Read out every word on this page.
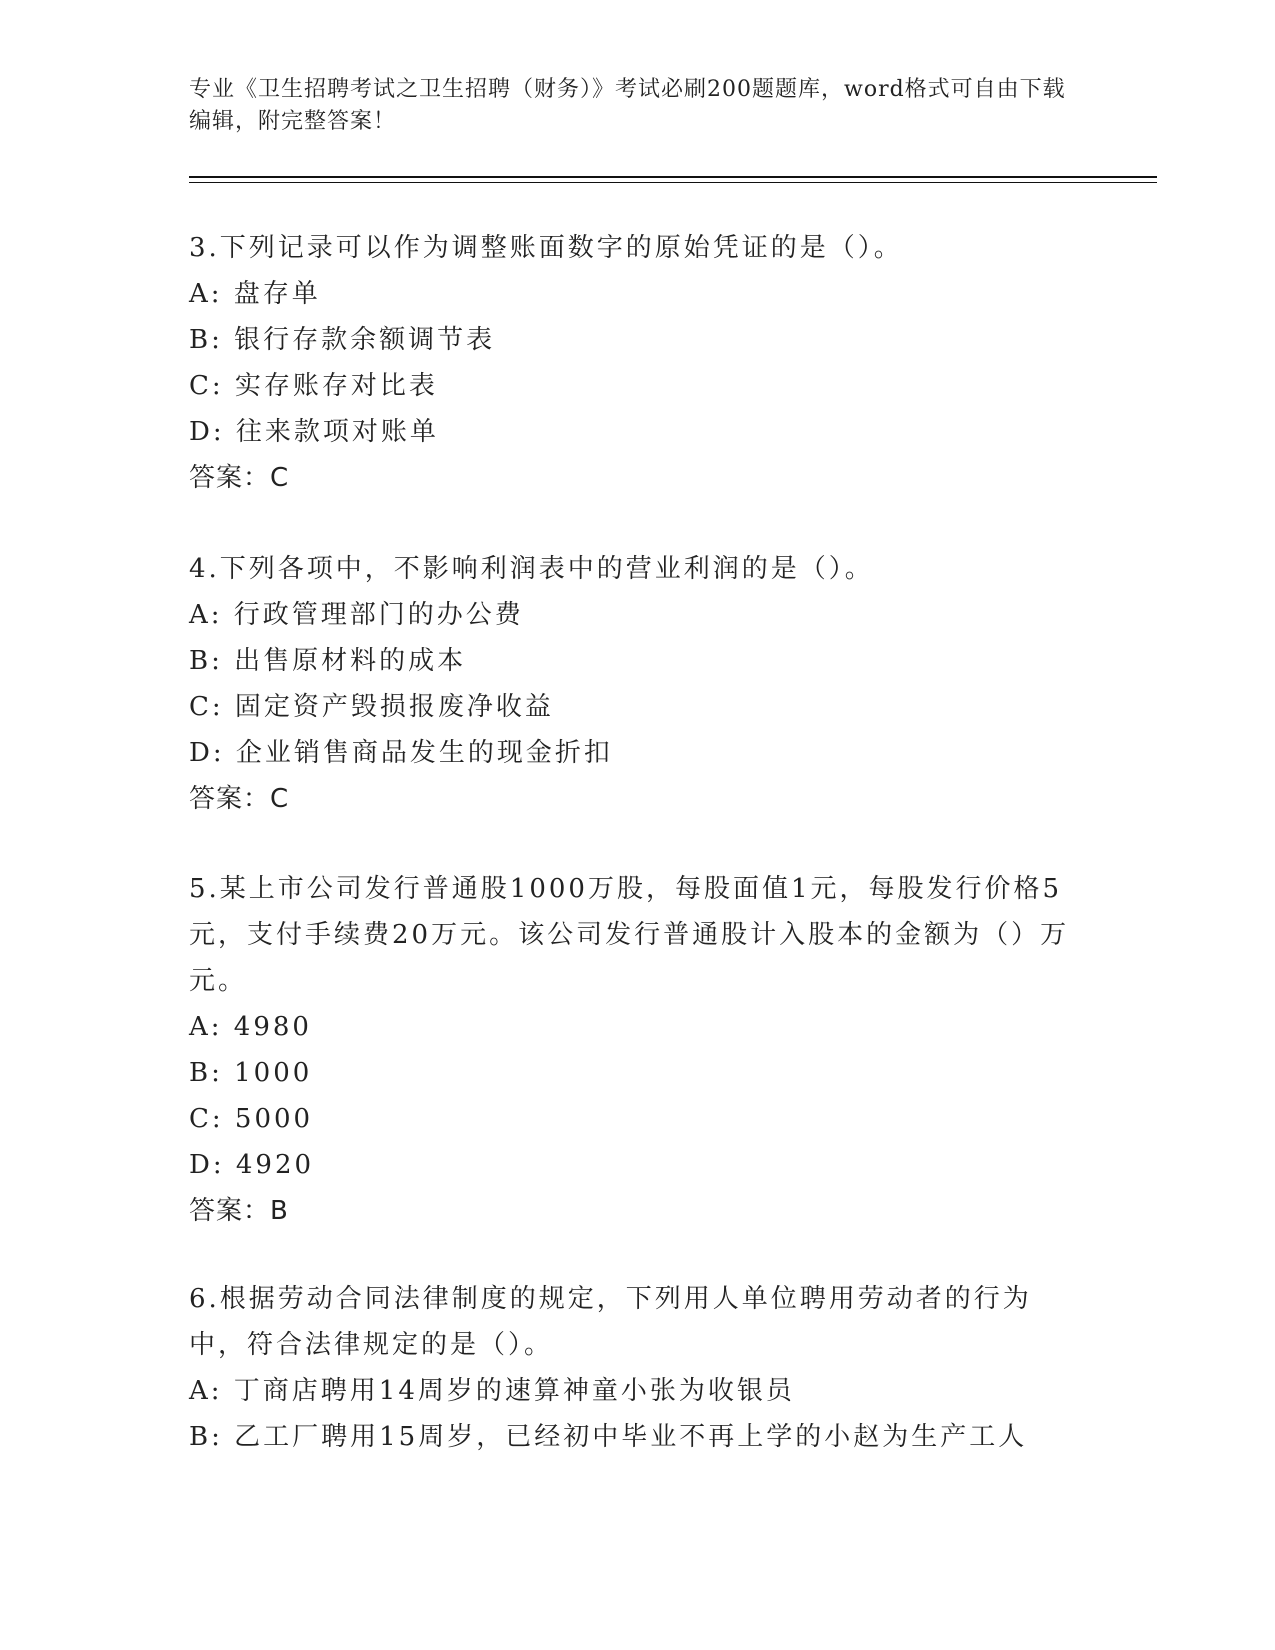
专业《卫生招聘考试之卫生招聘（财务）》考试必刷200题题库，word格式可自由下载编辑，附完整答案！

3.下列记录可以作为调整账面数字的原始凭证的是（）。

A: 盘存单

B: 银行存款余额调节表

C: 实存账存对比表

D: 往来款项对账单

答案：C

4.下列各项中，不影响利润表中的营业利润的是（）。

A: 行政管理部门的办公费

B: 出售原材料的成本

C: 固定资产毁损报废净收益

D: 企业销售商品发生的现金折扣

答案：C

5.某上市公司发行普通股1000万股，每股面值1元，每股发行价格5元，支付手续费20万元。该公司发行普通股计入股本的金额为（）万元。

A: 4980

B: 1000

C: 5000

D: 4920

答案：B

6.根据劳动合同法律制度的规定，下列用人单位聘用劳动者的行为中，符合法律规定的是（）。

A: 丁商店聘用14周岁的速算神童小张为收银员

B: 乙工厂聘用15周岁，已经初中毕业不再上学的小赵为生产工人
